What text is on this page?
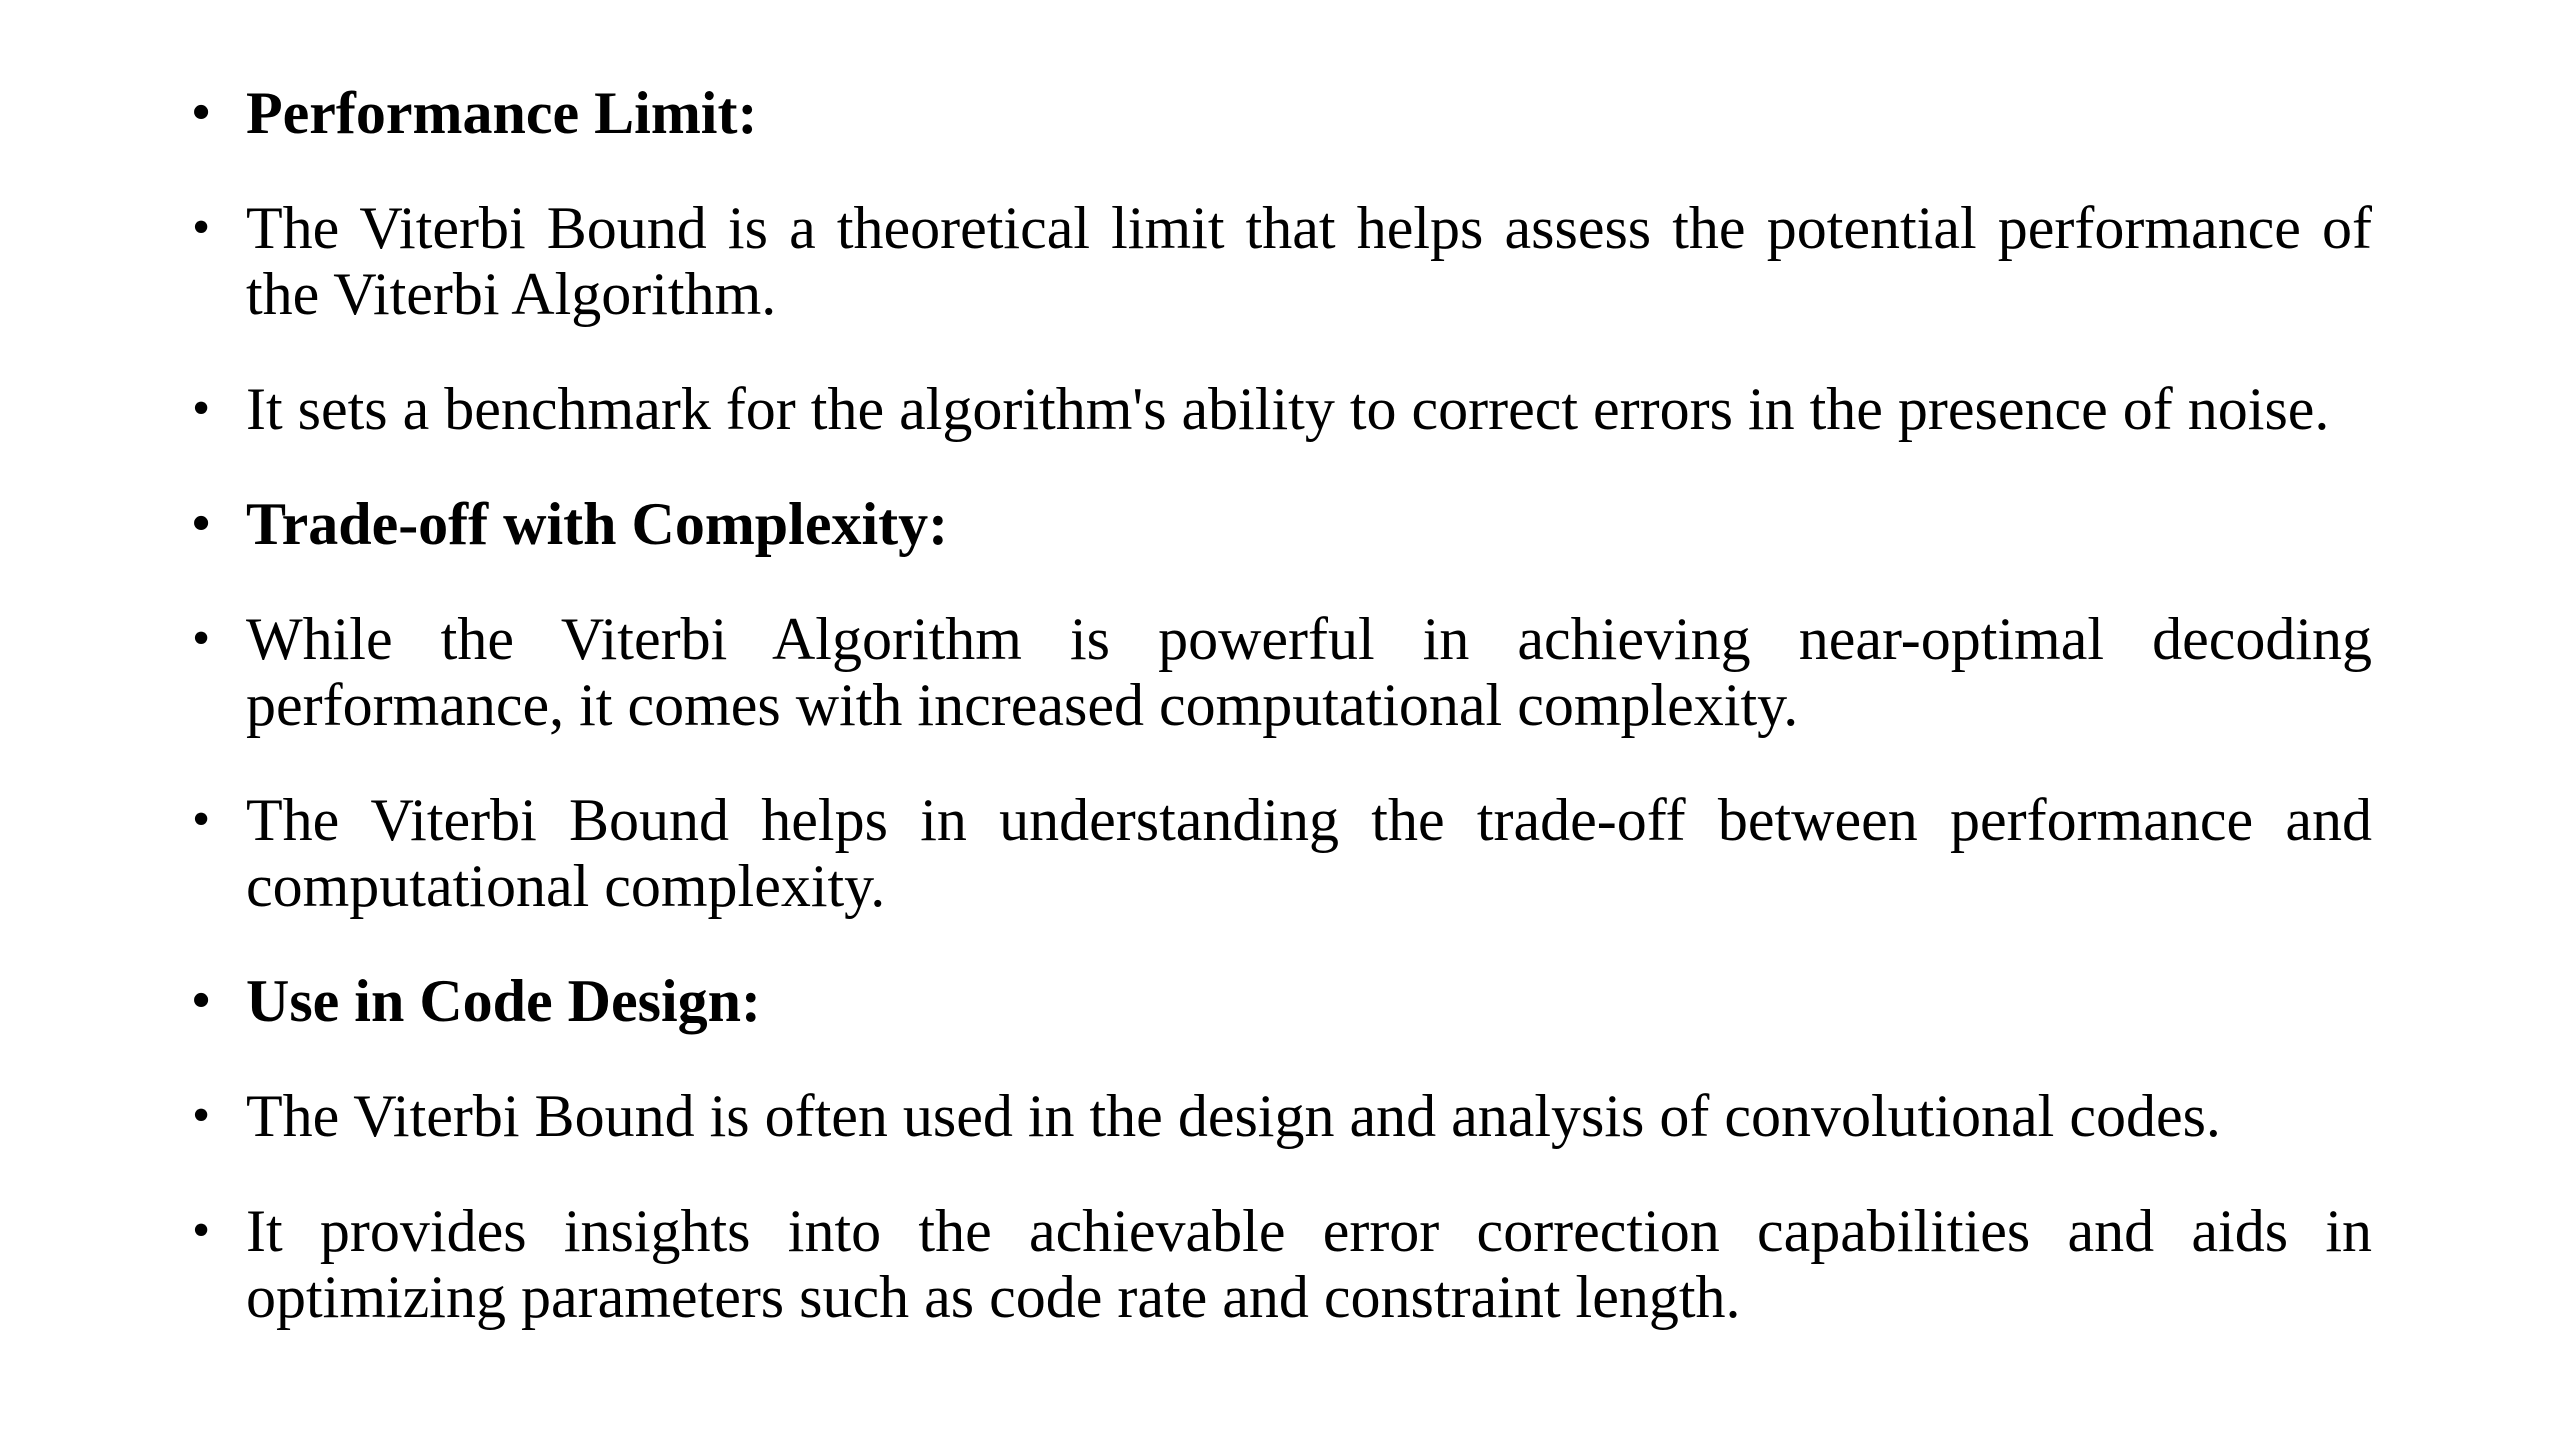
• Performance Limit:
• The Viterbi Bound is a theoretical limit that helps assess the potential performance of the Viterbi Algorithm.
• It sets a benchmark for the algorithm's ability to correct errors in the presence of noise.
• Trade-off with Complexity:
• While the Viterbi Algorithm is powerful in achieving near-optimal decoding performance, it comes with increased computational complexity.
• The Viterbi Bound helps in understanding the trade-off between performance and computational complexity.
• Use in Code Design:
• The Viterbi Bound is often used in the design and analysis of convolutional codes.
• It provides insights into the achievable error correction capabilities and aids in optimizing parameters such as code rate and constraint length.
